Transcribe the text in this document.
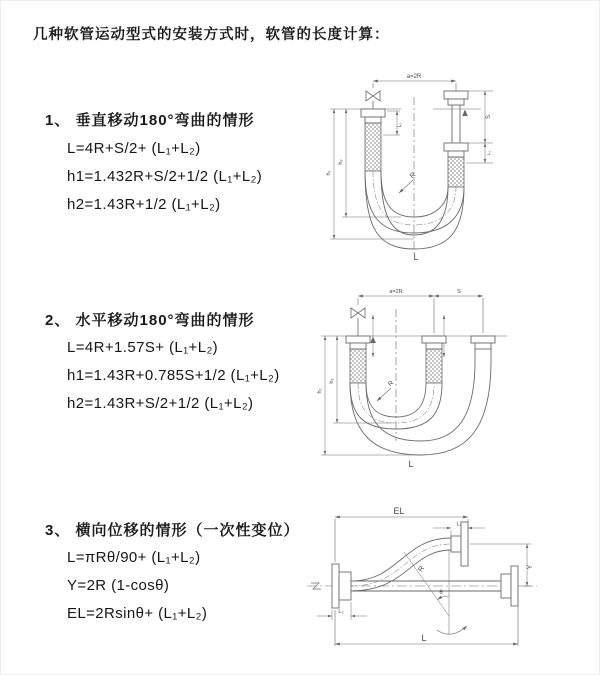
几种软管运动型式的安装方式时，软管的长度计算：
1、 垂直移动180°弯曲的情形
L=4R+S/2+ (L₁+L₂)
h1=1.432R+S/2+1/2 (L₁+L₂)
h2=1.43R+1/2 (L₁+L₂)
2、 水平移动180°弯曲的情形
L=4R+1.57S+ (L₁+L₂)
h1=1.43R+0.785S+1/2 (L₁+L₂)
h2=1.43R+S/2+1/2 (L₁+L₂)
3、 横向位移的情形（一次性变位）
L=πRθ/90+ (L₁+L₂)
Y=2R (1-cosθ)
EL=2Rsinθ+ (L₁+L₂)
a=2R
L₁
S
L₁
h₁
h₂
R
L
a=2R	S
h₁
h₂	R
L
EL
L₁
Y
R
θ
L
L₂
